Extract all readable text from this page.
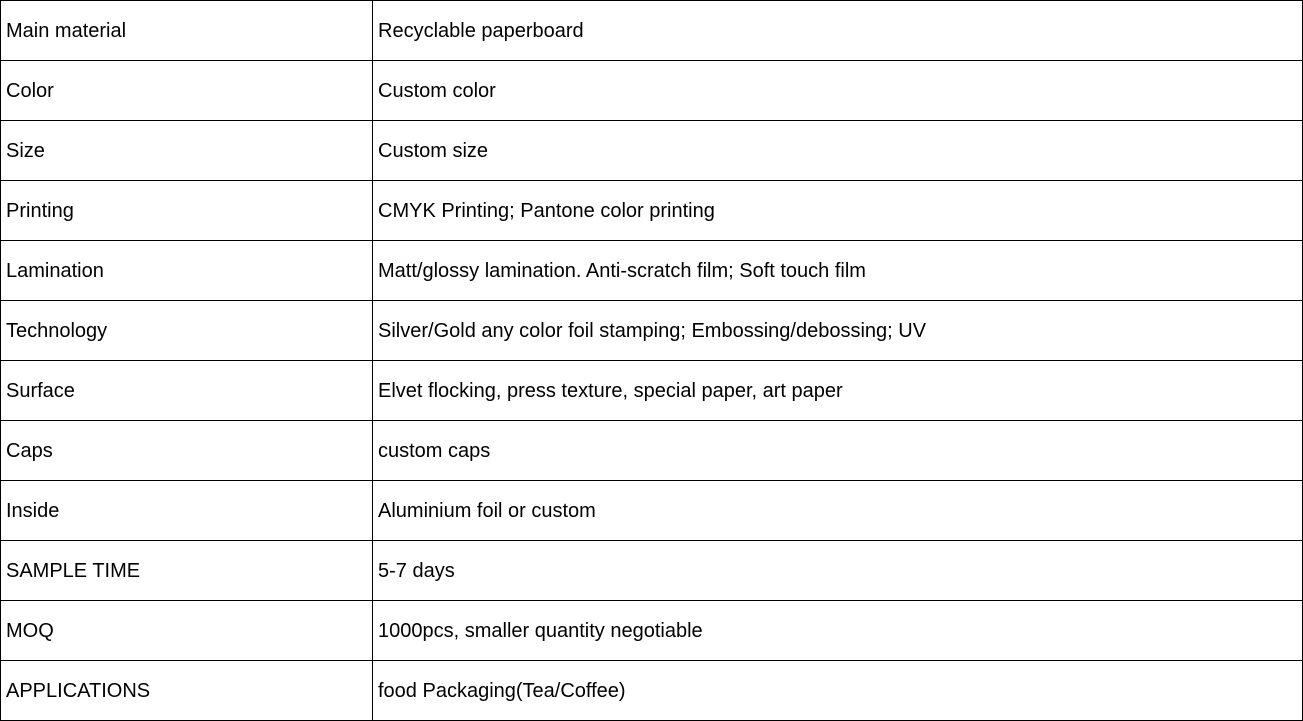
Main material	Recyclable paperboard
Color	Custom color
Size	Custom size
Printing	CMYK Printing; Pantone color printing
Lamination	Matt/glossy lamination. Anti-scratch film; Soft touch film
Technology	Silver/Gold any color foil stamping; Embossing/debossing; UV
Surface	Elvet flocking, press texture, special paper, art paper
Caps	custom caps
Inside	Aluminium foil or custom
SAMPLE TIME	5-7 days
MOQ	1000pcs, smaller quantity negotiable
APPLICATIONS	food Packaging(Tea/Coffee)
